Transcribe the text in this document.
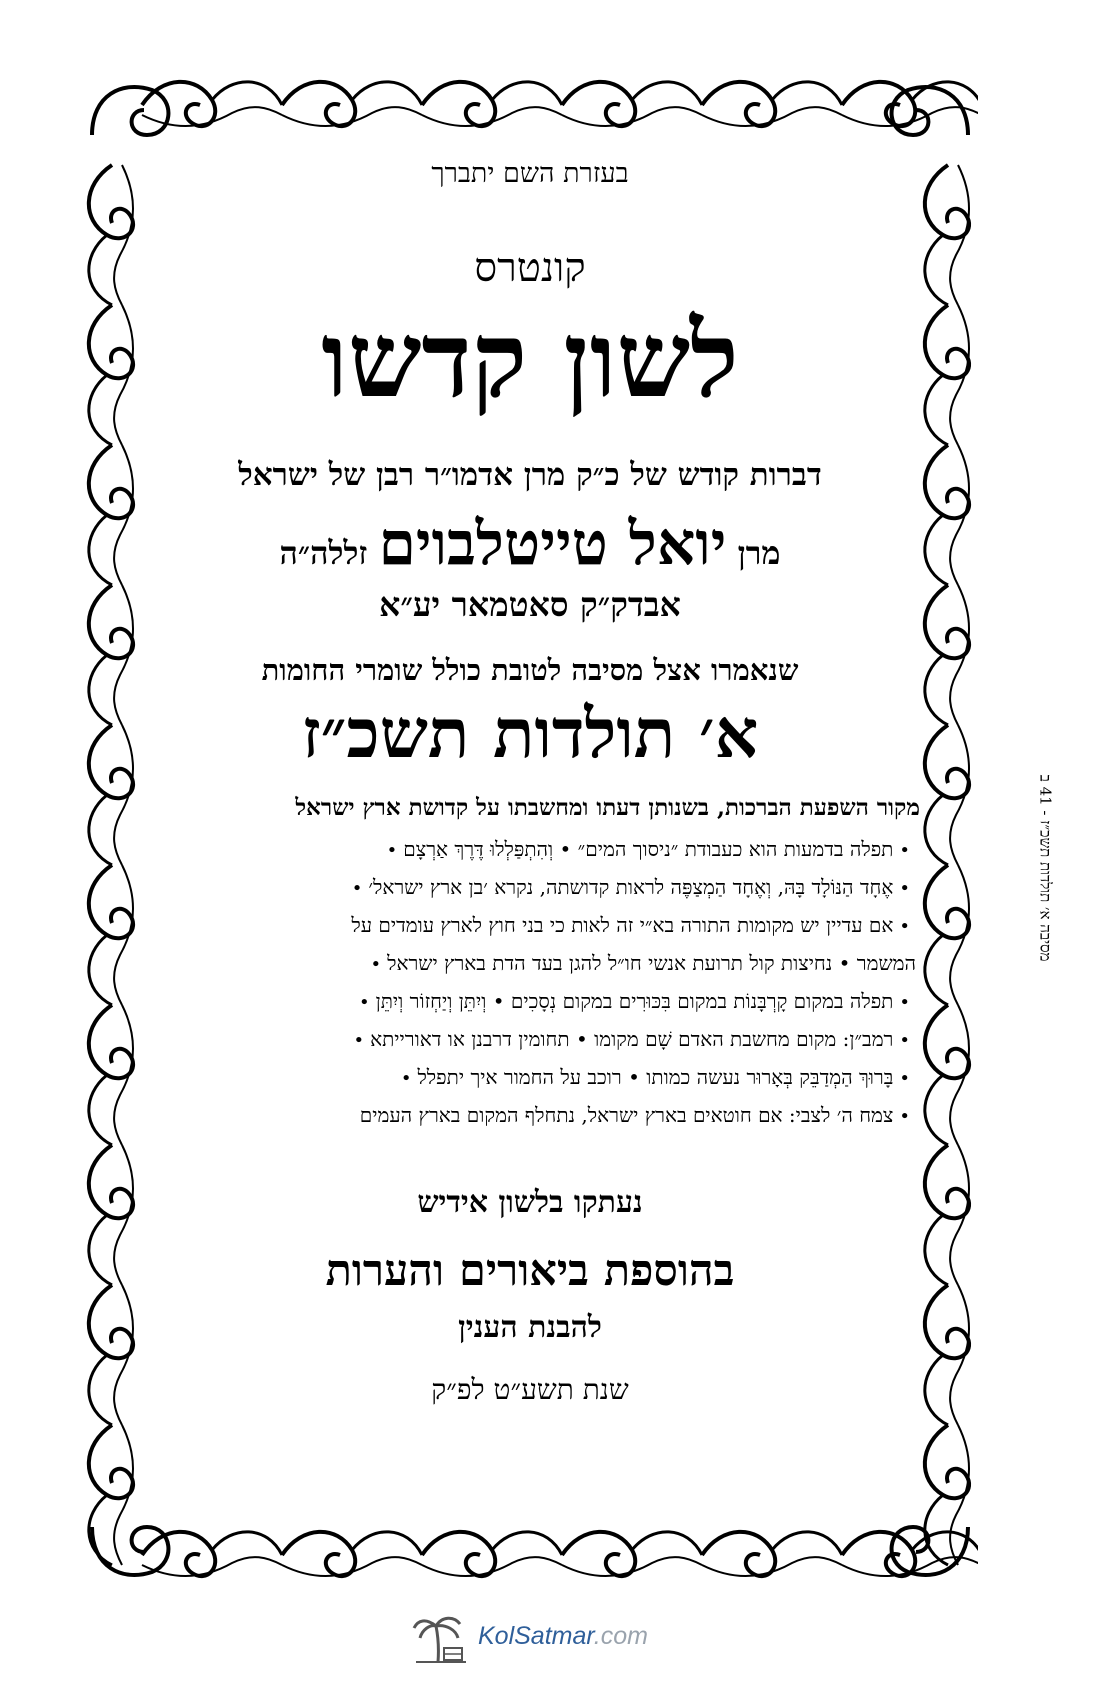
בעזרת השם יתברך
קונטרס
לשון קדשו
דברות קודש של כ״ק מרן אדמו״ר רבן של ישראל
מרן יואל טייטלבוים זללה״ה
אבדק״ק סאטמאר יע״א
שנאמרו אצל מסיבה לטובת כולל שומרי החומות
א׳ תולדות תשכ״ז
מקור השפעת הברכות, בשנותן דעתו ומחשבתו על קדושת ארץ ישראל
•תפלה בדמעות הוא כעבודת ״ניסוך המים״ • וְהִתְפַּלְלוּ דֶּרֶךְ אַרְצָם•
•אֶחָד הַנּוֹלָד בָּהּ, וְאֶחָד הַמְצַפֶּה לראות קדושתה, נקרא ׳בן ארץ ישראל׳•
•אם עדיין יש מקומות התורה בא״י זה לאות כי בני חוץ לארץ עומדים על
המשמר • נחיצות קול תרועת אנשי חו״ל להגן בעד הדת בארץ ישראל•
•תפלה במקום קָרְבָּנוֹת במקום בִּכּוּרִים במקום נְסָכִים • וְיִתֵּן וְיַחְזוֹר וְיִתֵּן•
•רמב״ן: מקום מחשבת האדם שָׁם מקומו • תחומין דרבנן או דאורייתא•
•בָּרוּךְ הַמְדַבֵּק בְּאָרוּר נעשה כמותו • רוכב על החמור איך יתפלל•
•צמח ה׳ לצבי: אם חוטאים בארץ ישראל, נתחלף המקום בארץ העמים
נעתקו בלשון אידיש
בהוספת ביאורים והערות
להבנת הענין
שנת תשע״ט לפ״ק
מסיבה א׳ תולדות תשכ״ז - 41 ב
KolSatmar.com
